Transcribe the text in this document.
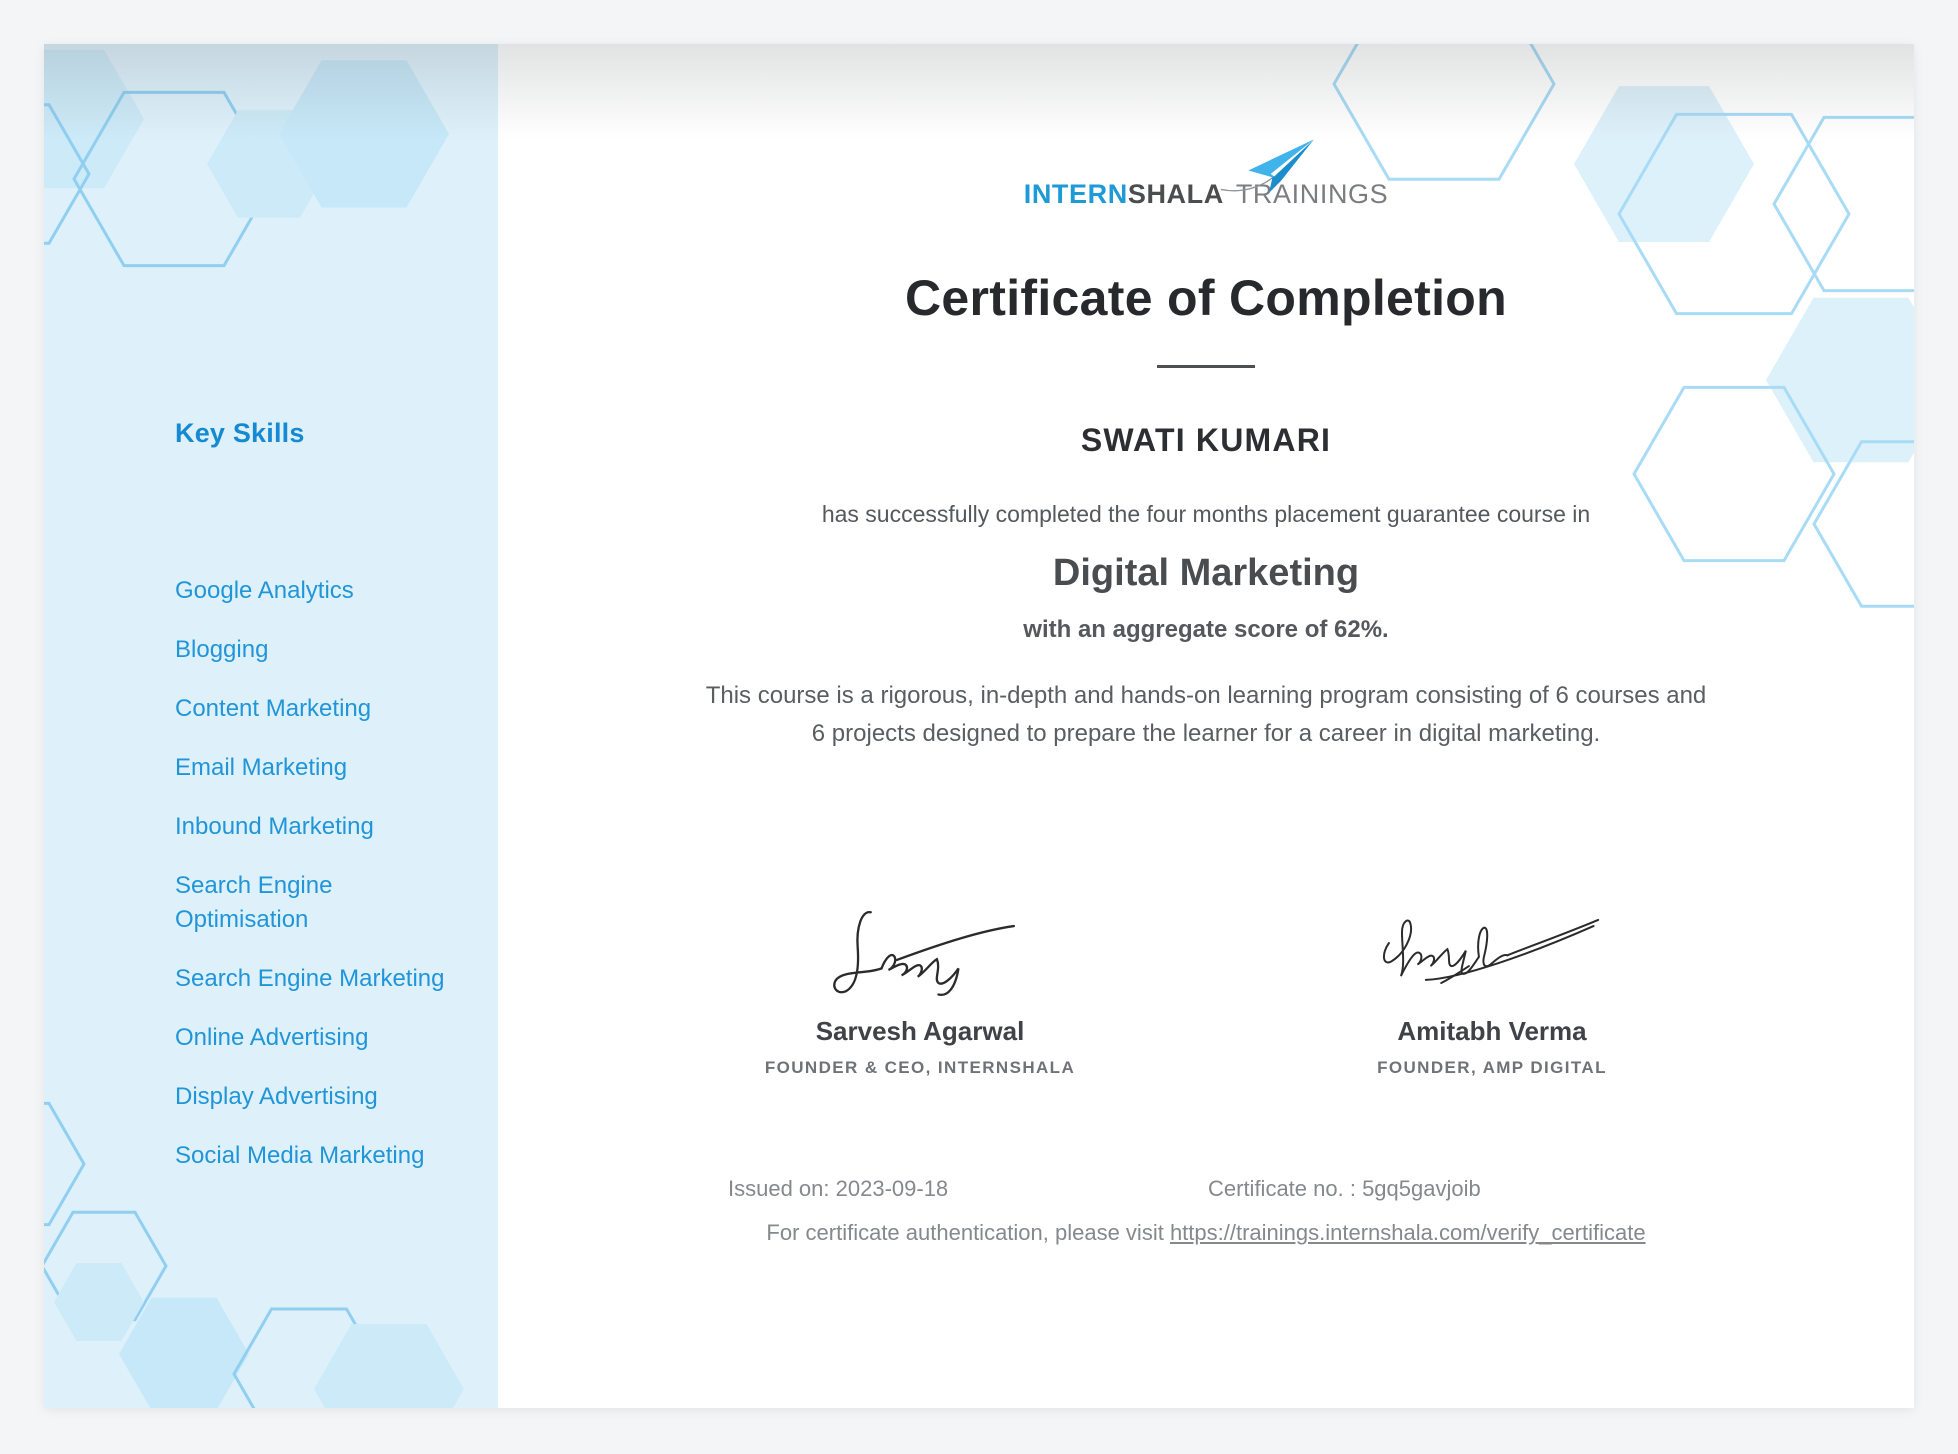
Key Skills
Google Analytics
Blogging
Content Marketing
Email Marketing
Inbound Marketing
Search Engine Optimisation
Search Engine Marketing
Online Advertising
Display Advertising
Social Media Marketing
INTERNSHALA TRAININGS
Certificate of Completion
SWATI KUMARI
has successfully completed the four months placement guarantee course in
Digital Marketing
with an aggregate score of 62%.

This course is a rigorous, in-depth and hands-on learning program consisting of 6 courses and 6 projects designed to prepare the learner for a career in digital marketing.

Sarvesh Agarwal
FOUNDER & CEO, INTERNSHALA
Amitabh Verma
FOUNDER, AMP DIGITAL
Issued on: 2023-09-18	Certificate no. : 5gq5gavjoib
For certificate authentication, please visit https://trainings.internshala.com/verify_certificate
